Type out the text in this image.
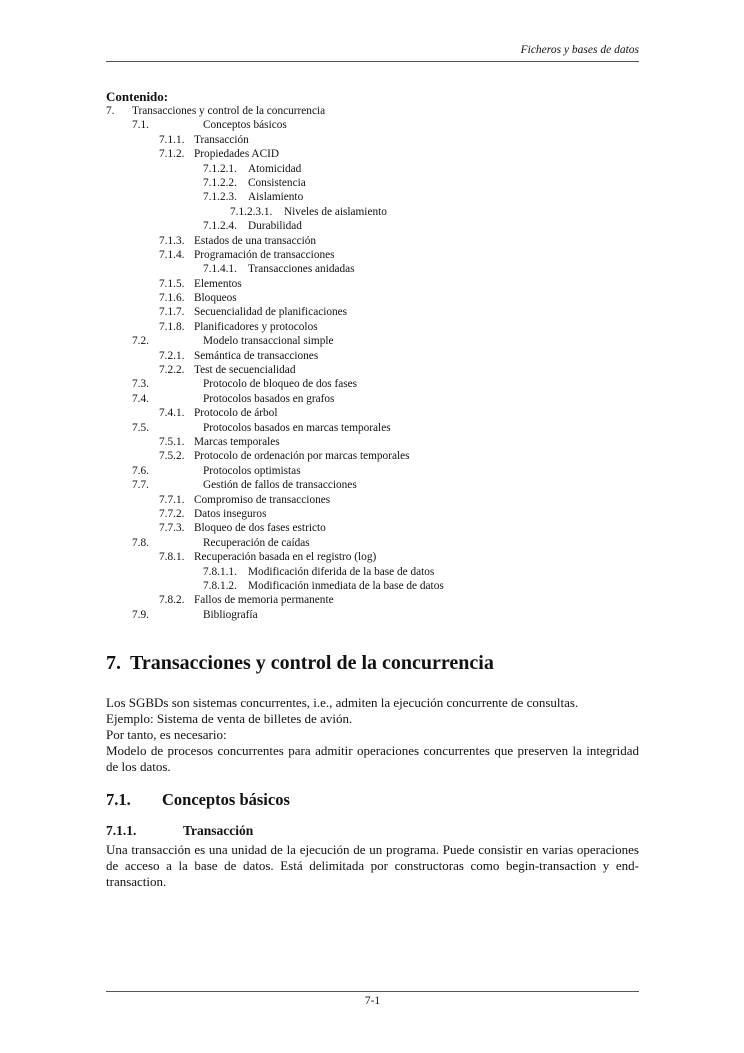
Ficheros y bases de datos
Contenido:
7. Transacciones y control de la concurrencia
7.1.	Conceptos básicos
7.1.1. Transacción
7.1.2. Propiedades ACID
7.1.2.1. Atomicidad
7.1.2.2. Consistencia
7.1.2.3. Aislamiento
7.1.2.3.1. Niveles de aislamiento
7.1.2.4. Durabilidad
7.1.3. Estados de una transacción
7.1.4. Programación de transacciones
7.1.4.1. Transacciones anidadas
7.1.5. Elementos
7.1.6. Bloqueos
7.1.7. Secuencialidad de planificaciones
7.1.8. Planificadores y protocolos
7.2.	Modelo transaccional simple
7.2.1. Semántica de transacciones
7.2.2. Test de secuencialidad
7.3.	Protocolo de bloqueo de dos fases
7.4.	Protocolos basados en grafos
7.4.1. Protocolo de árbol
7.5.	Protocolos basados en marcas temporales
7.5.1. Marcas temporales
7.5.2. Protocolo de ordenación por marcas temporales
7.6.	Protocolos optimistas
7.7.	Gestión de fallos de transacciones
7.7.1. Compromiso de transacciones
7.7.2. Datos inseguros
7.7.3. Bloqueo de dos fases estricto
7.8.	Recuperación de caídas
7.8.1. Recuperación basada en el registro (log)
7.8.1.1. Modificación diferida de la base de datos
7.8.1.2. Modificación inmediata de la base de datos
7.8.2. Fallos de memoria permanente
7.9.	Bibliografía
7. Transacciones y control de la concurrencia
Los SGBDs son sistemas concurrentes, i.e., admiten la ejecución concurrente de consultas.
Ejemplo: Sistema de venta de billetes de avión.
Por tanto, es necesario:
Modelo de procesos concurrentes para admitir operaciones concurrentes que preserven la integridad de los datos.
7.1. Conceptos básicos
7.1.1.	Transacción
Una transacción es una unidad de la ejecución de un programa. Puede consistir en varias operaciones de acceso a la base de datos. Está delimitada por constructoras como begin-transaction y end-transaction.
7-1
